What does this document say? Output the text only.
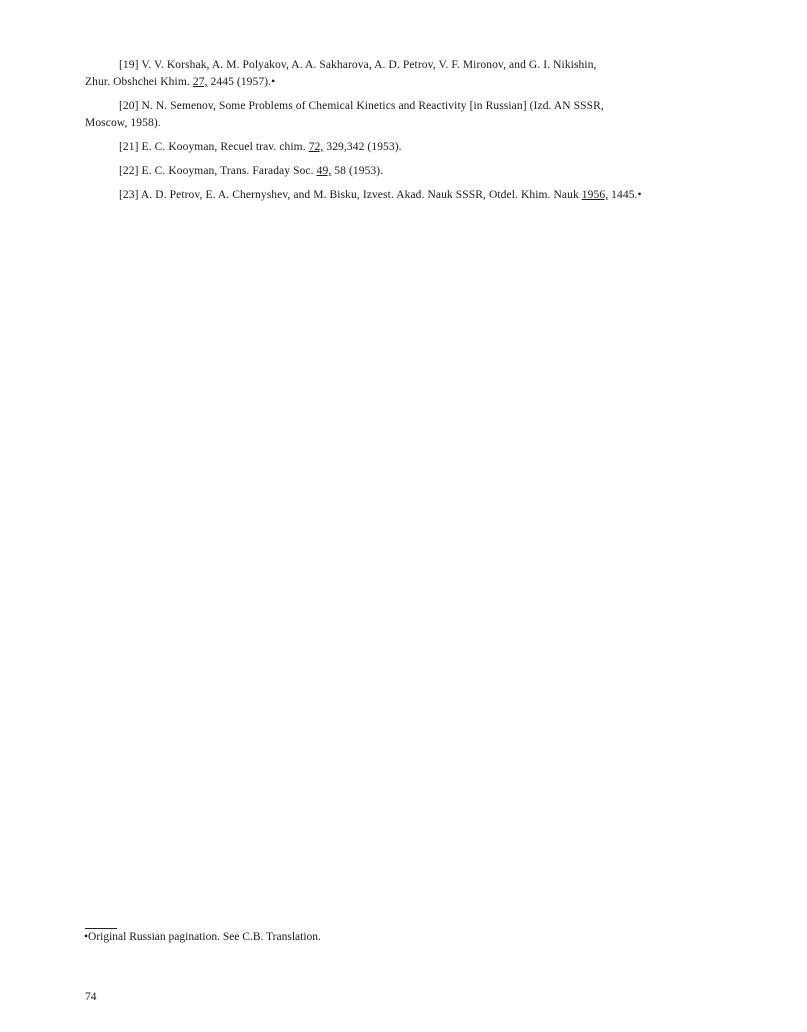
[19] V. V. Korshak, A. M. Polyakov, A. A. Sakharova, A. D. Petrov, V. F. Mironov, and G. I. Nikishin,
Zhur. Obshchei Khim. 27, 2445 (1957).•
[20] N. N. Semenov, Some Problems of Chemical Kinetics and Reactivity [in Russian] (Izd. AN SSSR,
Moscow, 1958).
[21] E. C. Kooyman, Recuel trav. chim. 72, 329,342 (1953).
[22] E. C. Kooyman, Trans. Faraday Soc. 49, 58 (1953).
[23] A. D. Petrov, E. A. Chernyshev, and M. Bisku, Izvest. Akad. Nauk SSSR, Otdel. Khim. Nauk 1956, 1445.•
•Original Russian pagination. See C.B. Translation.
74
